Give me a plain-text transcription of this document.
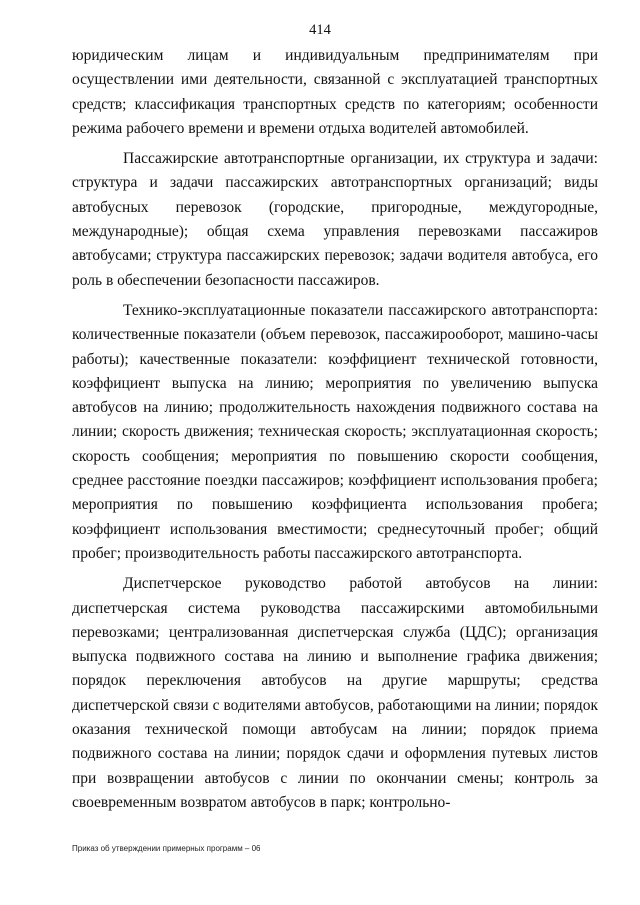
414

юридическим лицам и индивидуальным предпринимателям при осуществлении ими деятельности, связанной с эксплуатацией транспортных средств; классификация транспортных средств по категориям; особенности режима рабочего времени и времени отдыха водителей автомобилей.

Пассажирские автотранспортные организации, их структура и задачи: структура и задачи пассажирских автотранспортных организаций; виды автобусных перевозок (городские, пригородные, междугородные, международные); общая схема управления перевозками пассажиров автобусами; структура пассажирских перевозок; задачи водителя автобуса, его роль в обеспечении безопасности пассажиров.

Технико-эксплуатационные показатели пассажирского автотранспорта: количественные показатели (объем перевозок, пассажирооборот, машино-часы работы); качественные показатели: коэффициент технической готовности, коэффициент выпуска на линию; мероприятия по увеличению выпуска автобусов на линию; продолжительность нахождения подвижного состава на линии; скорость движения; техническая скорость; эксплуатационная скорость; скорость сообщения; мероприятия по повышению скорости сообщения, среднее расстояние поездки пассажиров; коэффициент использования пробега; мероприятия по повышению коэффициента использования пробега; коэффициент использования вместимости; среднесуточный пробег; общий пробег; производительность работы пассажирского автотранспорта.

Диспетчерское руководство работой автобусов на линии: диспетчерская система руководства пассажирскими автомобильными перевозками; централизованная диспетчерская служба (ЦДС); организация выпуска подвижного состава на линию и выполнение графика движения; порядок переключения автобусов на другие маршруты; средства диспетчерской связи с водителями автобусов, работающими на линии; порядок оказания технической помощи автобусам на линии; порядок приема подвижного состава на линии; порядок сдачи и оформления путевых листов при возвращении автобусов с линии по окончании смены; контроль за своевременным возвратом автобусов в парк; контрольно-

Приказ об утверждении примерных программ – 06
